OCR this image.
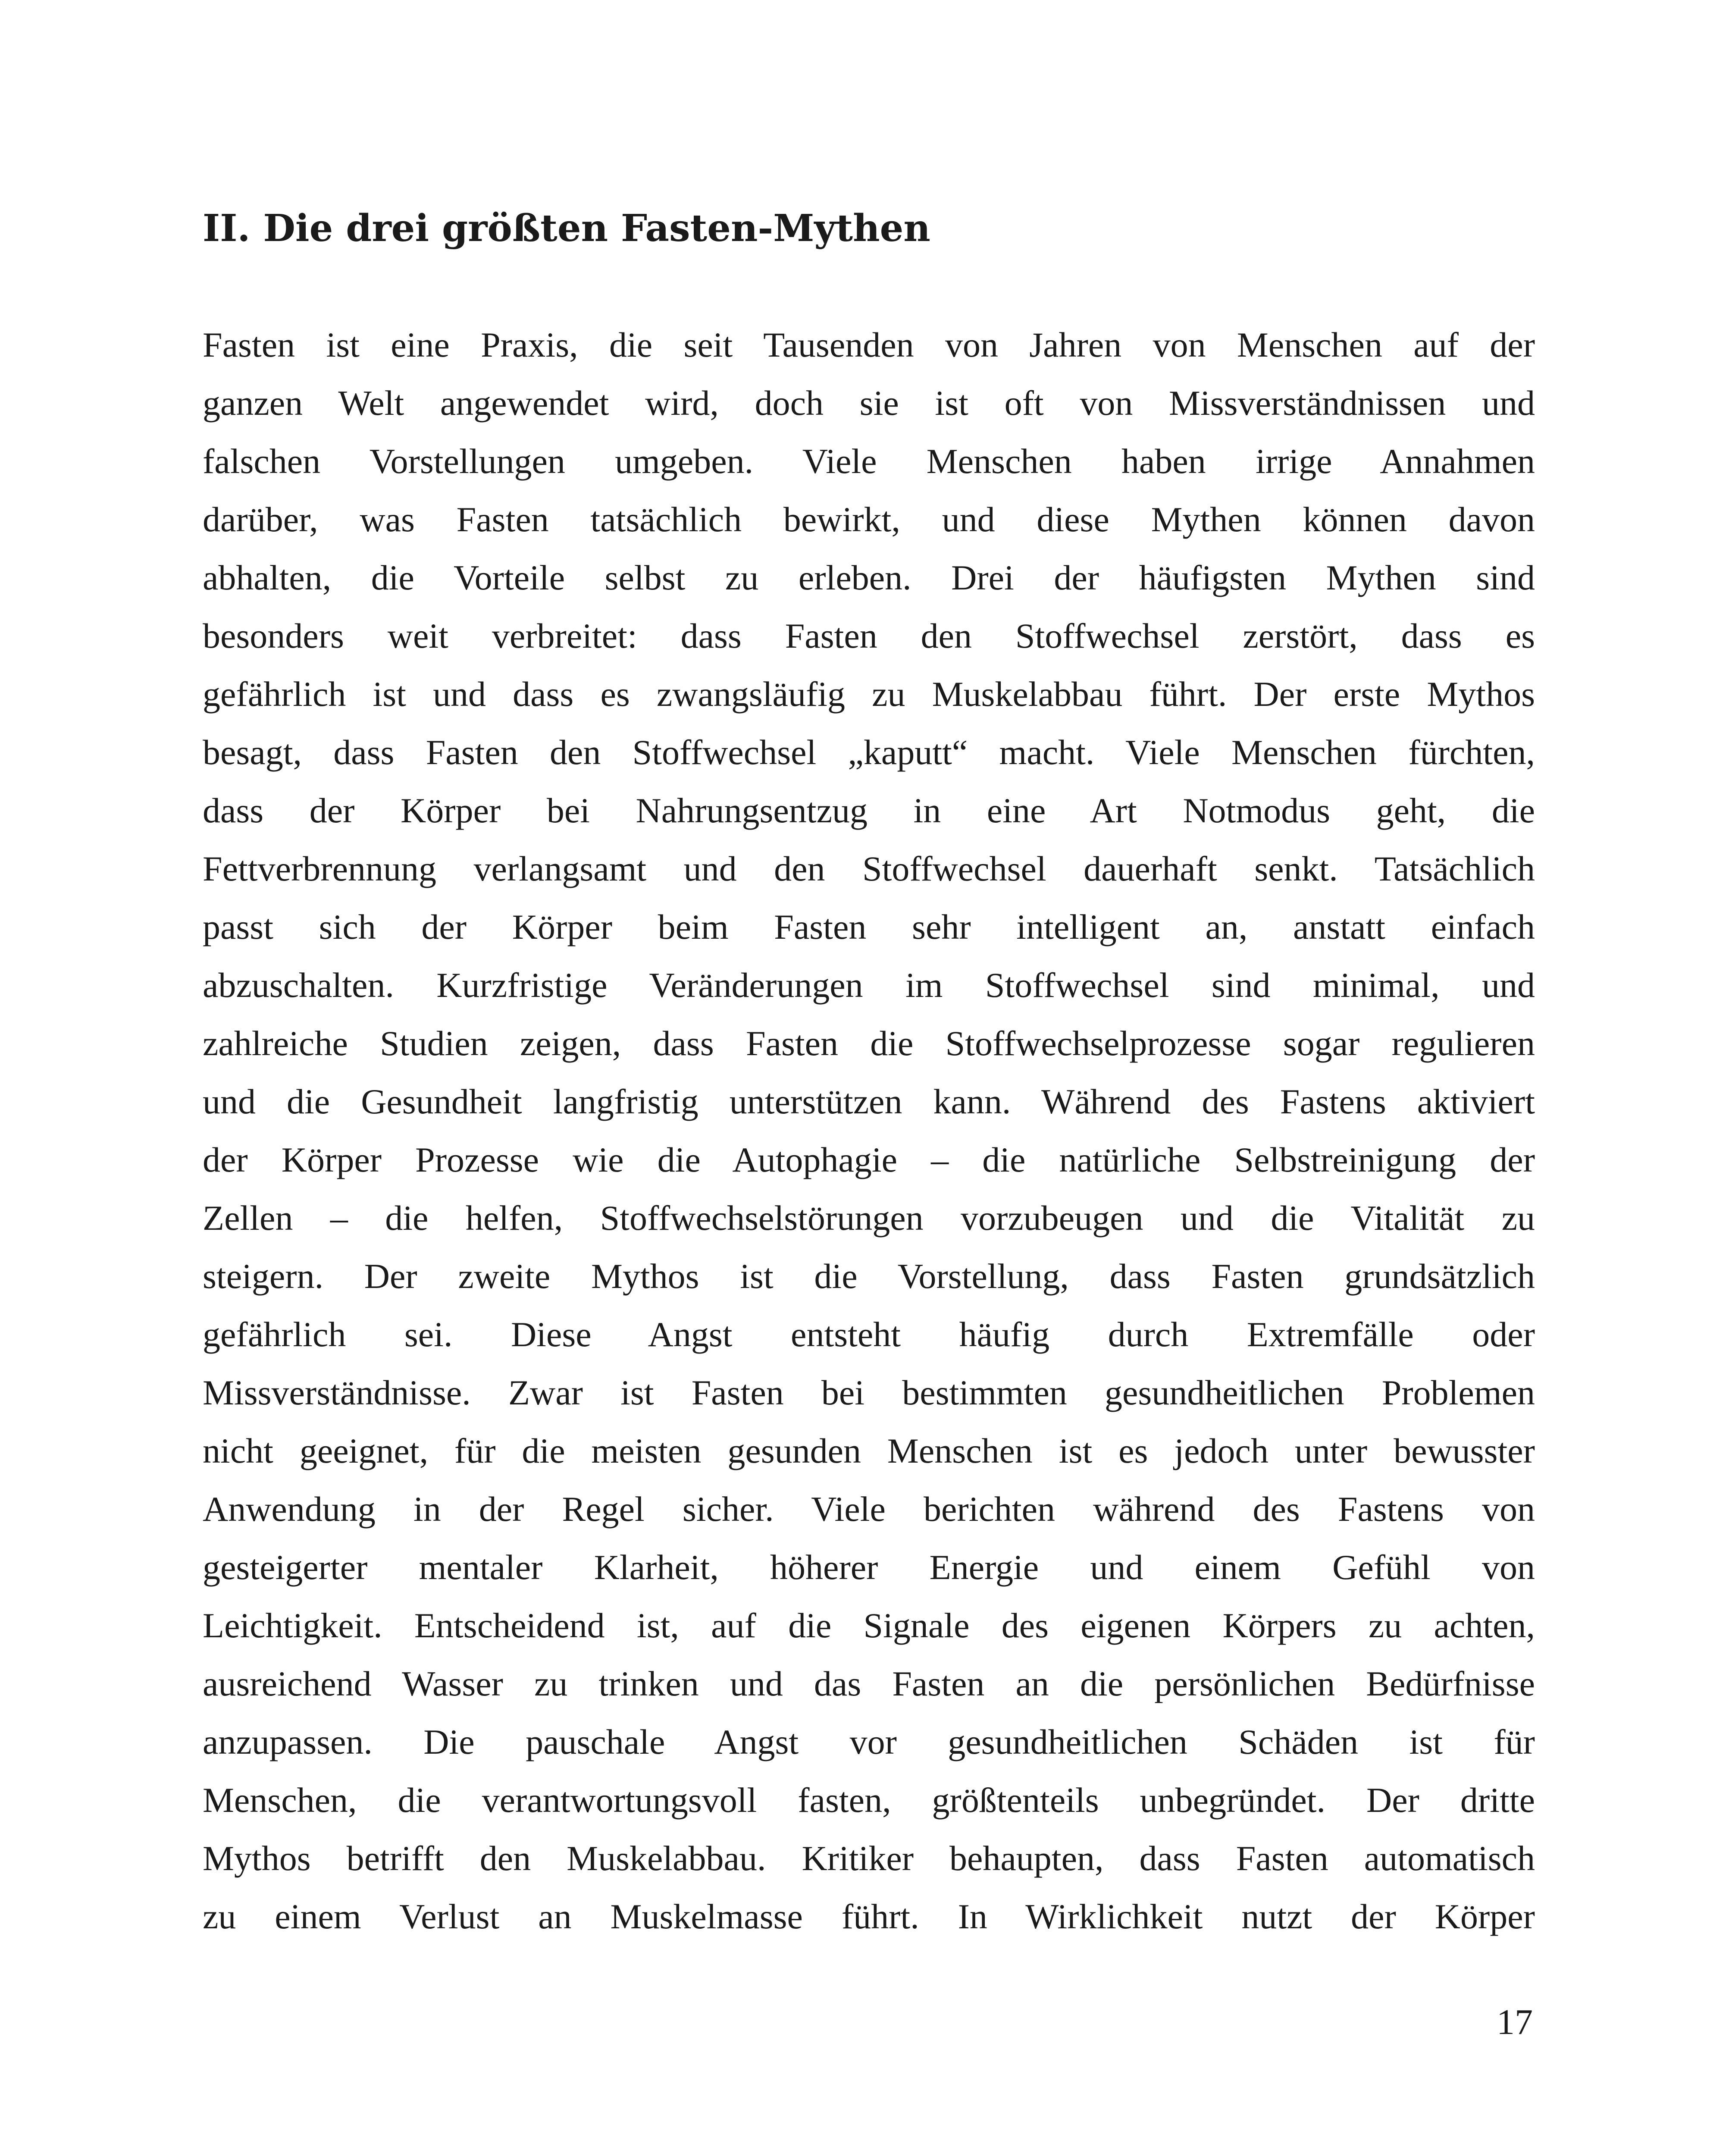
II. Die drei größten Fasten-Mythen
Fasten ist eine Praxis, die seit Tausenden von Jahren von Menschen auf der
ganzen Welt angewendet wird, doch sie ist oft von Missverständnissen und
falschen Vorstellungen umgeben. Viele Menschen haben irrige Annahmen
darüber, was Fasten tatsächlich bewirkt, und diese Mythen können davon
abhalten, die Vorteile selbst zu erleben. Drei der häufigsten Mythen sind
besonders weit verbreitet: dass Fasten den Stoffwechsel zerstört, dass es
gefährlich ist und dass es zwangsläufig zu Muskelabbau führt. Der erste Mythos
besagt, dass Fasten den Stoffwechsel „kaputt“ macht. Viele Menschen fürchten,
dass der Körper bei Nahrungsentzug in eine Art Notmodus geht, die
Fettverbrennung verlangsamt und den Stoffwechsel dauerhaft senkt. Tatsächlich
passt sich der Körper beim Fasten sehr intelligent an, anstatt einfach
abzuschalten. Kurzfristige Veränderungen im Stoffwechsel sind minimal, und
zahlreiche Studien zeigen, dass Fasten die Stoffwechselprozesse sogar regulieren
und die Gesundheit langfristig unterstützen kann. Während des Fastens aktiviert
der Körper Prozesse wie die Autophagie – die natürliche Selbstreinigung der
Zellen – die helfen, Stoffwechselstörungen vorzubeugen und die Vitalität zu
steigern. Der zweite Mythos ist die Vorstellung, dass Fasten grundsätzlich
gefährlich sei. Diese Angst entsteht häufig durch Extremfälle oder
Missverständnisse. Zwar ist Fasten bei bestimmten gesundheitlichen Problemen
nicht geeignet, für die meisten gesunden Menschen ist es jedoch unter bewusster
Anwendung in der Regel sicher. Viele berichten während des Fastens von
gesteigerter mentaler Klarheit, höherer Energie und einem Gefühl von
Leichtigkeit. Entscheidend ist, auf die Signale des eigenen Körpers zu achten,
ausreichend Wasser zu trinken und das Fasten an die persönlichen Bedürfnisse
anzupassen. Die pauschale Angst vor gesundheitlichen Schäden ist für
Menschen, die verantwortungsvoll fasten, größtenteils unbegründet. Der dritte
Mythos betrifft den Muskelabbau. Kritiker behaupten, dass Fasten automatisch
zu einem Verlust an Muskelmasse führt. In Wirklichkeit nutzt der Körper
17
